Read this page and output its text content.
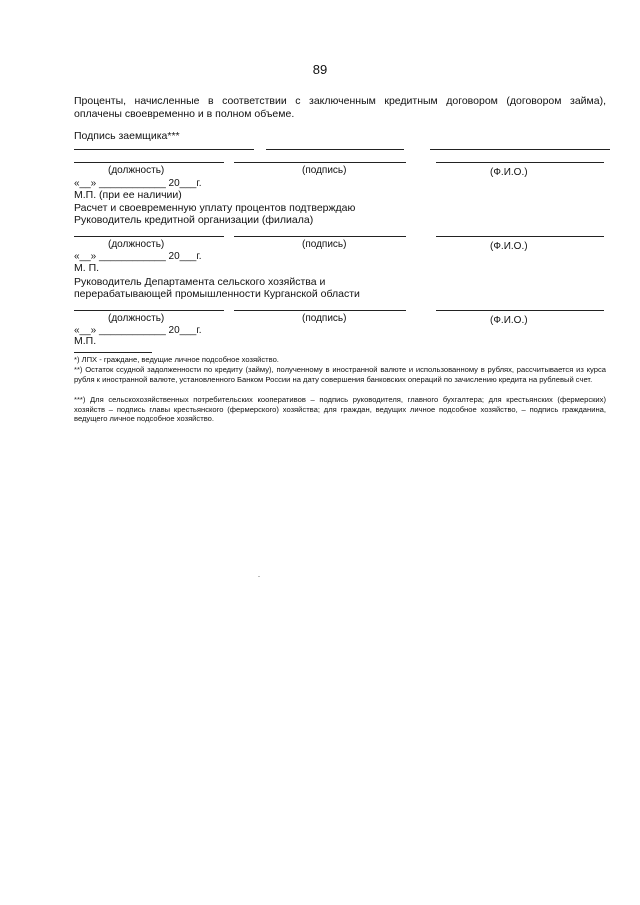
89
Проценты, начисленные в соответствии с заключенным кредитным договором (договором займа), оплачены своевременно и в полном объеме.
Подпись заемщика***
(должность)	(подпись)	(Ф.И.О.)
«__» ____________ 20___г.
М.П. (при ее наличии)
Расчет и своевременную уплату процентов подтверждаю
Руководитель кредитной организации (филиала)
(должность)	(подпись)	(Ф.И.О.)
«__» ____________ 20___г.
М. П.
Руководитель Департамента сельского хозяйства и
перерабатывающей промышленности Курганской области
(должность)	(подпись)	(Ф.И.О.)
«__» ____________ 20___г.
М.П.
*) ЛПХ - граждане, ведущие личное подсобное хозяйство.
**) Остаток ссудной задолженности по кредиту (займу), полученному в иностранной валюте и использованному в рублях, рассчитывается из курса рубля к иностранной валюте, установленного Банком России на дату совершения банковских операций по зачислению кредита на рублевый счет.
***) Для сельскохозяйственных потребительских кооперативов – подпись руководителя, главного бухгалтера; для крестьянских (фермерских) хозяйств – подпись главы крестьянского (фермерского) хозяйства; для граждан, ведущих личное подсобное хозяйство, – подпись гражданина, ведущего личное подсобное хозяйство.
